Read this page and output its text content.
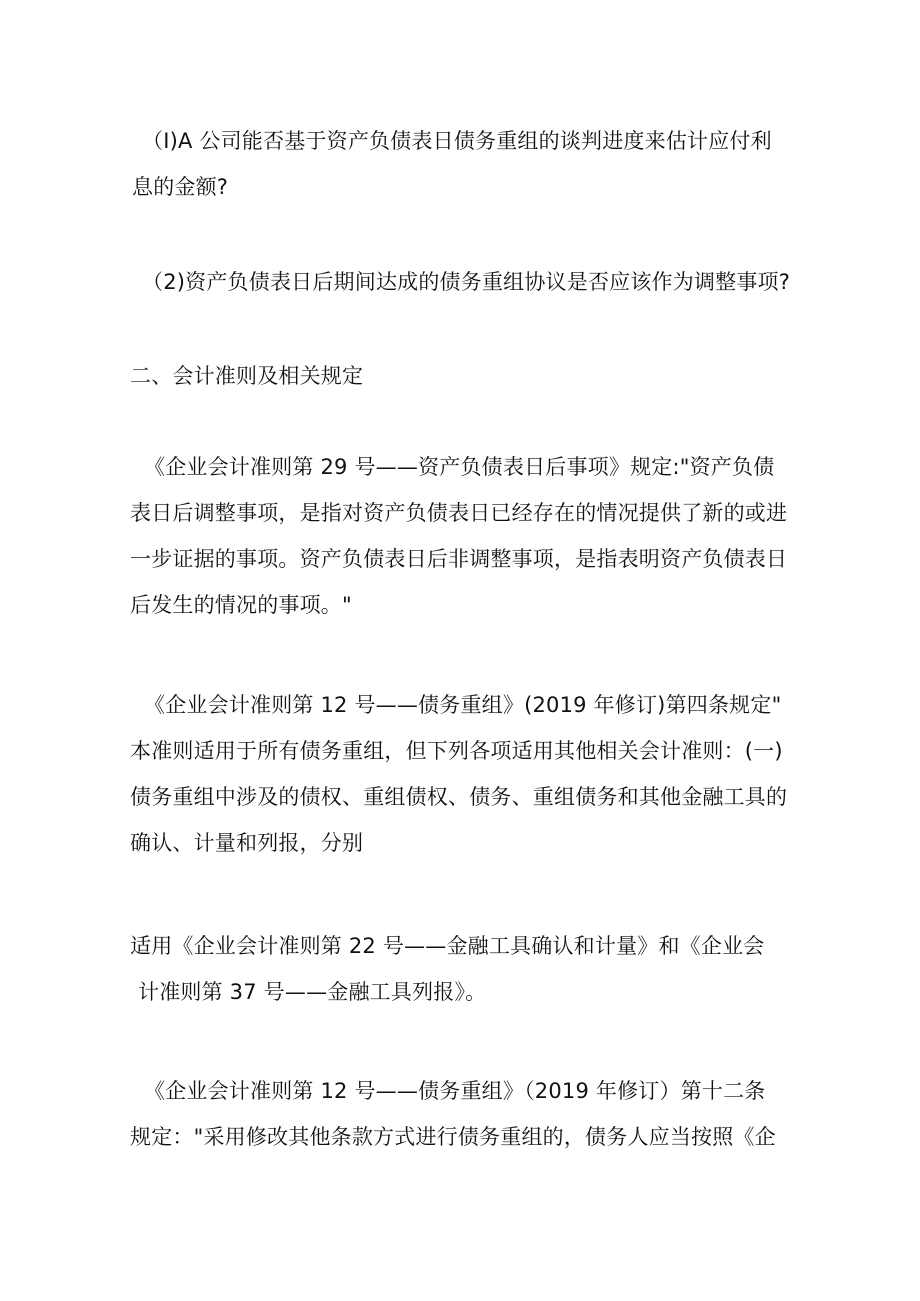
（I)A 公司能否基于资产负债表日债务重组的谈判进度来估计应付利
息的金额?
（2)资产负债表日后期间达成的债务重组协议是否应该作为调整事项?
二、会计准则及相关规定
《企业会计准则第 29 号——资产负债表日后事项》规定:"资产负债
表日后调整事项，是指对资产负债表日已经存在的情况提供了新的或进
一步证据的事项。资产负债表日后非调整事项，是指表明资产负债表日
后发生的情况的事项。"
《企业会计准则第 12 号——债务重组》(2019 年修订)第四条规定"
本准则适用于所有债务重组，但下列各项适用其他相关会计准则：(一)
债务重组中涉及的债权、重组债权、债务、重组债务和其他金融工具的
确认、计量和列报，分别
适用《企业会计准则第 22 号——金融工具确认和计量》和《企业会
计准则第 37 号——金融工具列报》。
《企业会计准则第 12 号——债务重组》（2019 年修订）第十二条
规定："采用修改其他条款方式进行债务重组的，债务人应当按照《企
